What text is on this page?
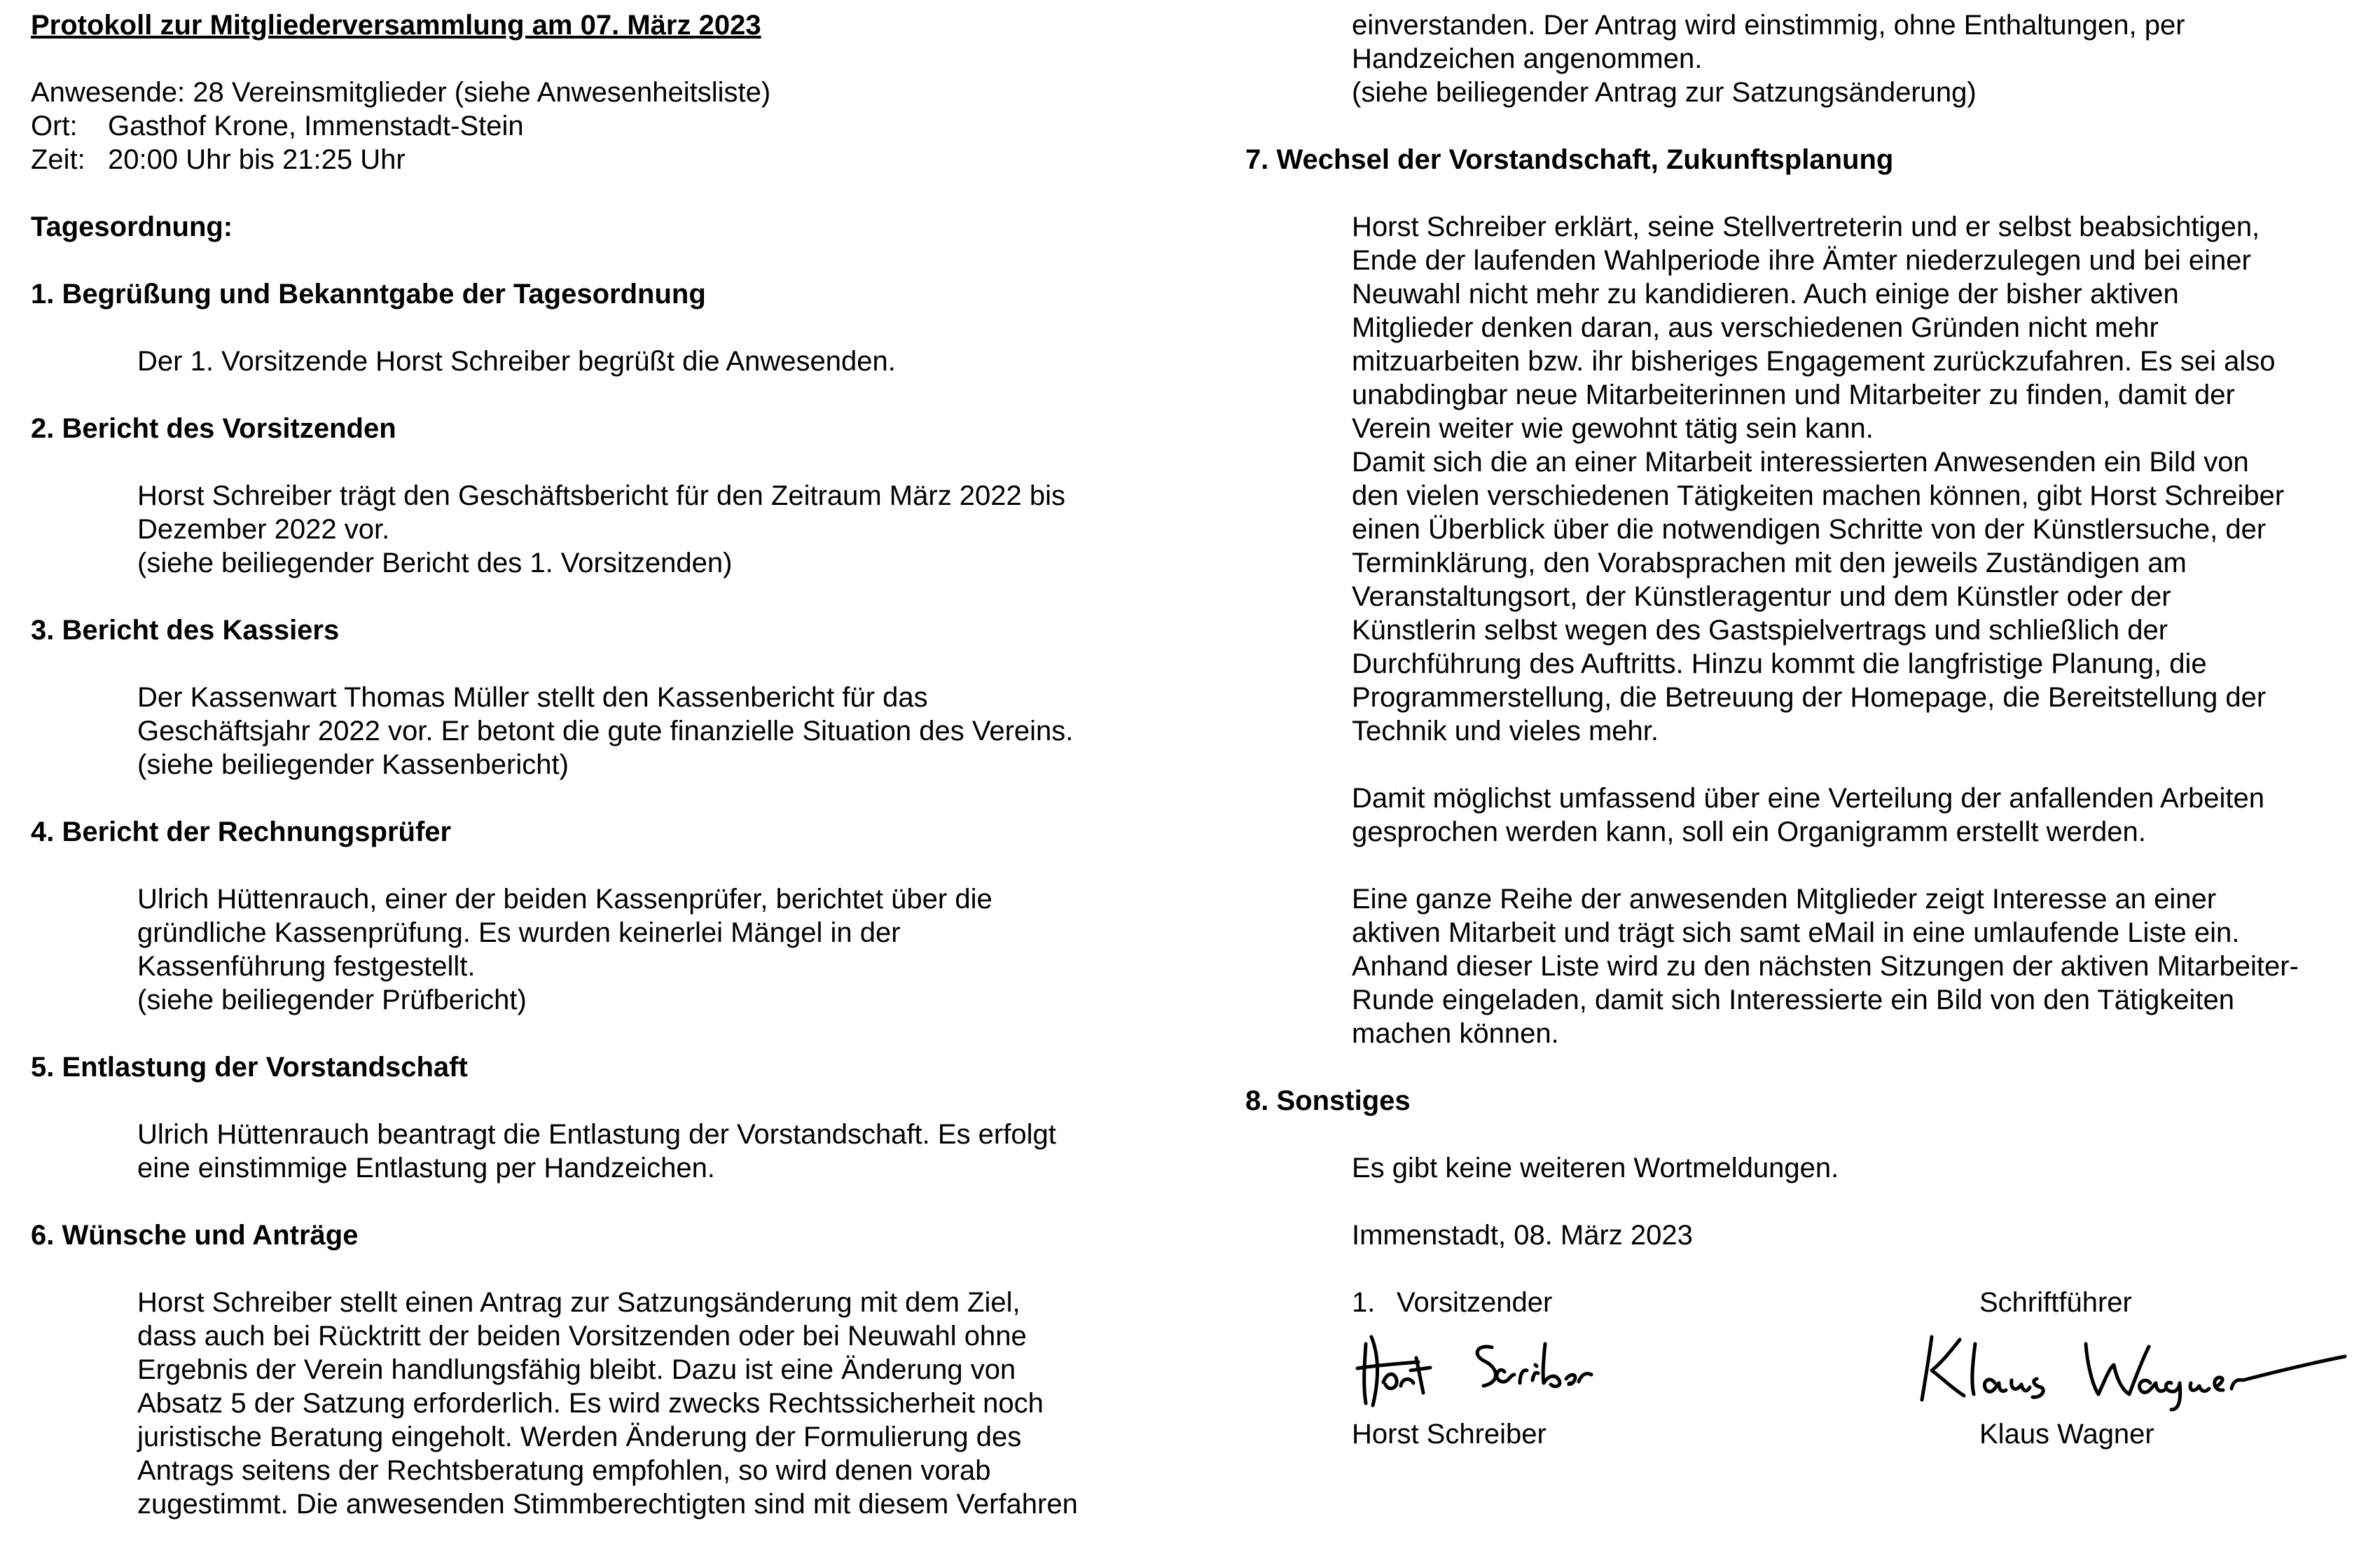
Protokoll zur Mitgliederversammlung am 07. März 2023

Anwesende: 28 Vereinsmitglieder (siehe Anwesenheitsliste)

Ort:	Gasthof Krone, Immenstadt-Stein
Zeit: 20:00 Uhr bis 21:25 Uhr

Tagesordnung:

1. Begrüßung und Bekanntgabe der Tagesordnung

Der 1. Vorsitzende Horst Schreiber begrüßt die Anwesenden.

2. Bericht des Vorsitzenden

Horst Schreiber trägt den Geschäftsbericht für den Zeitraum März 2022 bis

Dezember 2022 vor.

(siehe beiliegender Bericht des 1. Vorsitzenden)

3. Bericht des Kassiers

Der Kassenwart Thomas Müller stellt den Kassenbericht für das

Geschäftsjahr 2022 vor. Er betont die gute finanzielle Situation des Vereins.

(siehe beiliegender Kassenbericht)

4. Bericht der Rechnungsprüfer

Ulrich Hüttenrauch, einer der beiden Kassenprüfer, berichtet über die

gründliche Kassenprüfung. Es wurden keinerlei Mängel in der

Kassenführung festgestellt.

(siehe beiliegender Prüfbericht)

5. Entlastung der Vorstandschaft

Ulrich Hüttenrauch beantragt die Entlastung der Vorstandschaft. Es erfolgt

eine einstimmige Entlastung per Handzeichen.

6. Wünsche und Anträge

Horst Schreiber stellt einen Antrag zur Satzungsänderung mit dem Ziel,

dass auch bei Rücktritt der beiden Vorsitzenden oder bei Neuwahl ohne

Ergebnis der Verein handlungsfähig bleibt. Dazu ist eine Änderung von

Absatz 5 der Satzung erforderlich. Es wird zwecks Rechtssicherheit noch

juristische Beratung eingeholt. Werden Änderung der Formulierung des

Antrags seitens der Rechtsberatung empfohlen, so wird denen vorab

zugestimmt. Die anwesenden Stimmberechtigten sind mit diesem Verfahren

einverstanden. Der Antrag wird einstimmig, ohne Enthaltungen, per

Handzeichen angenommen.

(siehe beiliegender Antrag zur Satzungsänderung)

7. Wechsel der Vorstandschaft, Zukunftsplanung

Horst Schreiber erklärt, seine Stellvertreterin und er selbst beabsichtigen,

Ende der laufenden Wahlperiode ihre Ämter niederzulegen und bei einer

Neuwahl nicht mehr zu kandidieren. Auch einige der bisher aktiven

Mitglieder denken daran, aus verschiedenen Gründen nicht mehr

mitzuarbeiten bzw. ihr bisheriges Engagement zurückzufahren. Es sei also

unabdingbar neue Mitarbeiterinnen und Mitarbeiter zu finden, damit der

Verein weiter wie gewohnt tätig sein kann.

Damit sich die an einer Mitarbeit interessierten Anwesenden ein Bild von

den vielen verschiedenen Tätigkeiten machen können, gibt Horst Schreiber

einen Überblick über die notwendigen Schritte von der Künstlersuche, der

Terminklärung, den Vorabsprachen mit den jeweils Zuständigen am

Veranstaltungsort, der Künstleragentur und dem Künstler oder der

Künstlerin selbst wegen des Gastspielvertrags und schließlich der

Durchführung des Auftritts. Hinzu kommt die langfristige Planung, die

Programmerstellung, die Betreuung der Homepage, die Bereitstellung der

Technik und vieles mehr.

Damit möglichst umfassend über eine Verteilung der anfallenden Arbeiten

gesprochen werden kann, soll ein Organigramm erstellt werden.

Eine ganze Reihe der anwesenden Mitglieder zeigt Interesse an einer

aktiven Mitarbeit und trägt sich samt eMail in eine umlaufende Liste ein.

Anhand dieser Liste wird zu den nächsten Sitzungen der aktiven Mitarbeiter-

Runde eingeladen, damit sich Interessierte ein Bild von den Tätigkeiten

machen können.

8. Sonstiges

Es gibt keine weiteren Wortmeldungen.

Immenstadt, 08. März 2023

1. Vorsitzender	Schriftführer
Horst Schreiber	Klaus Wagner
